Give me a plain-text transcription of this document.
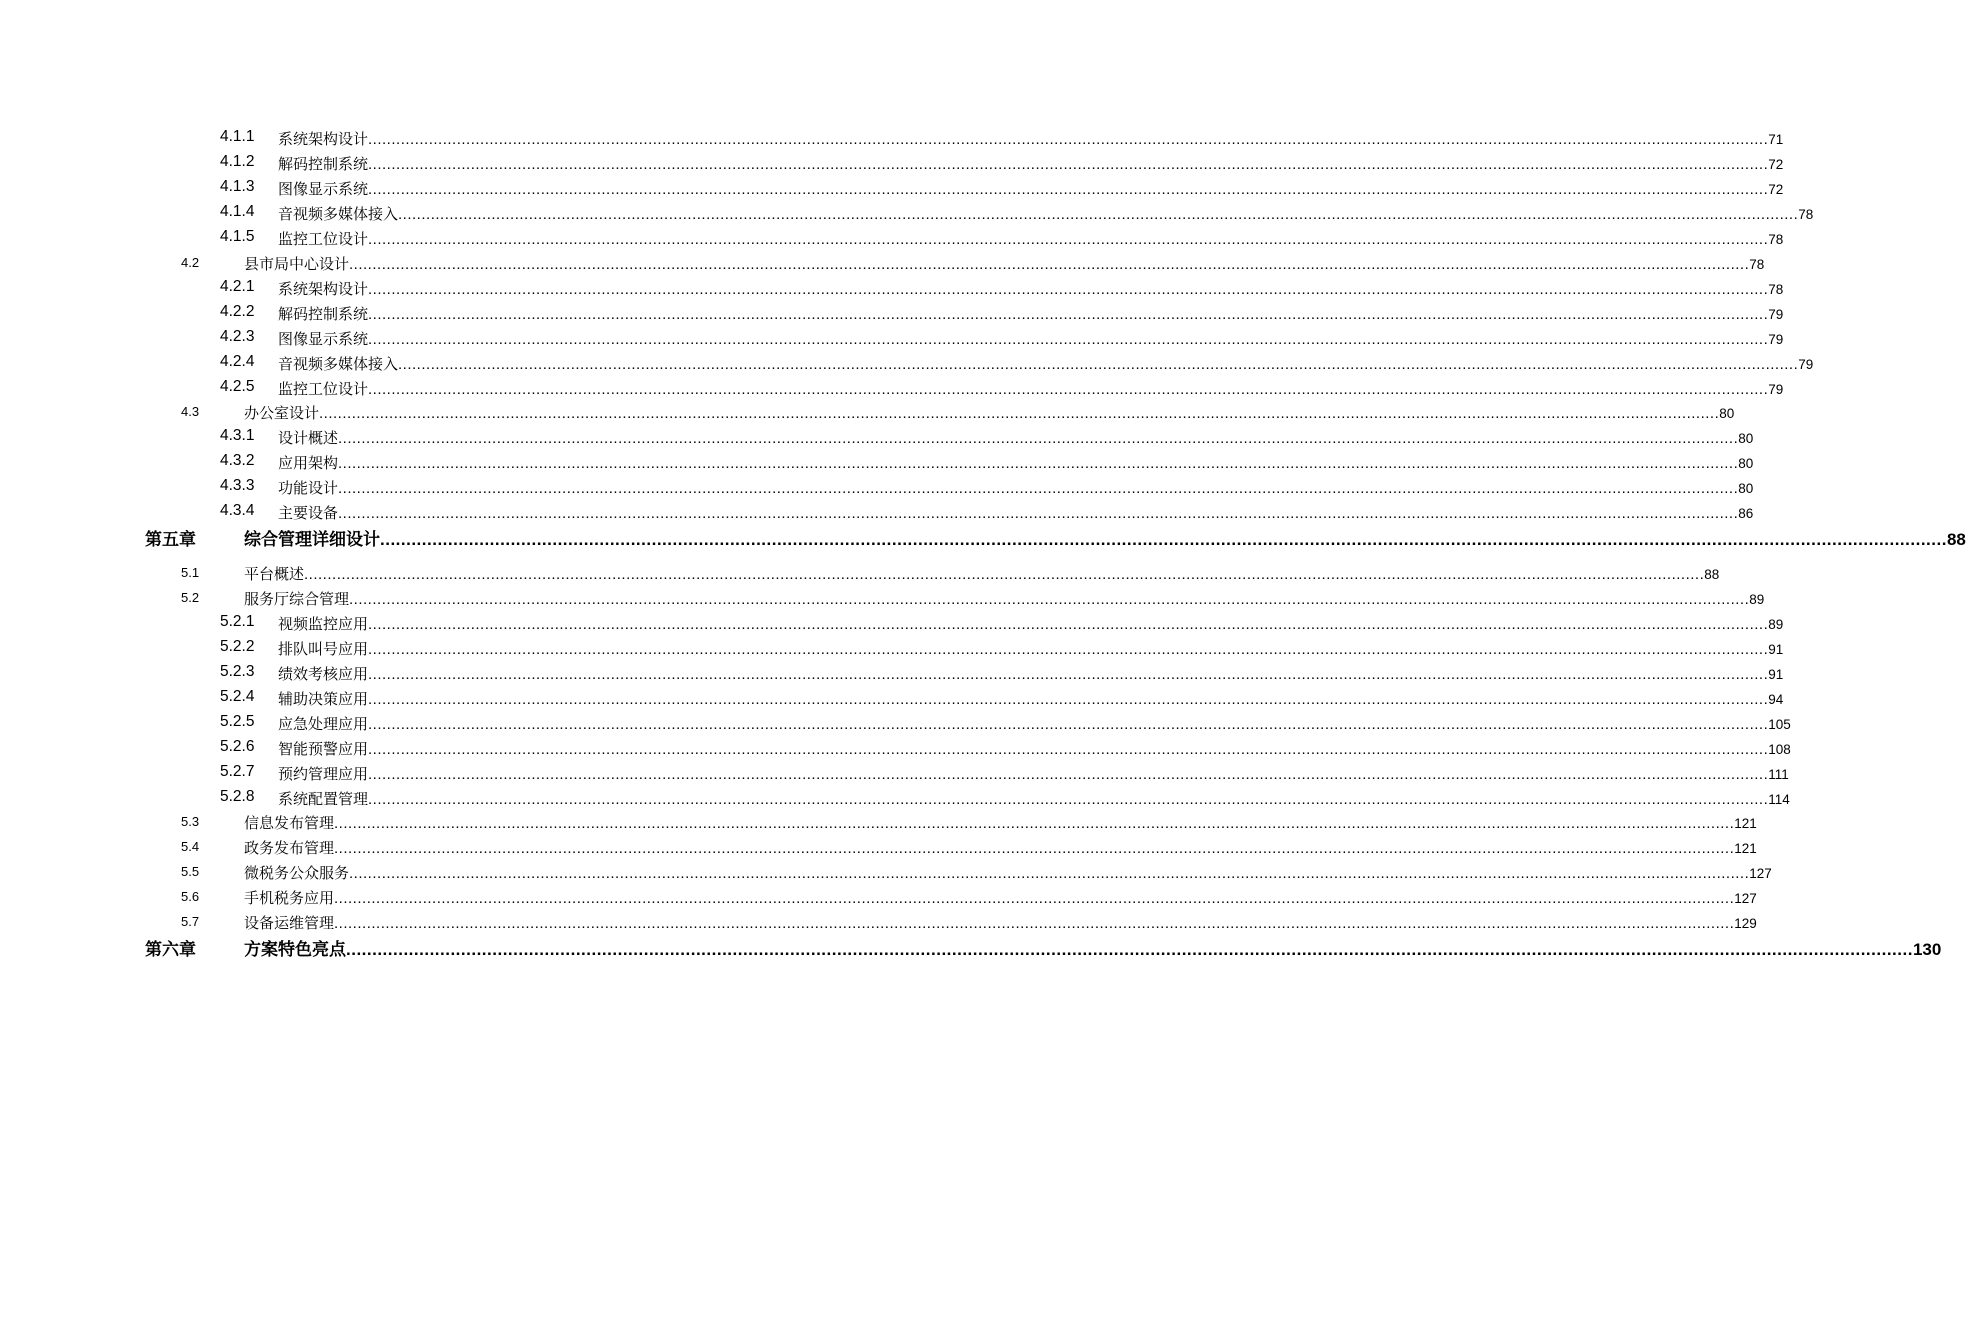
4.1.1 系统架构设计 ............................................................................................................................................................................................................................................................................................................ 71
4.1.2 解码控制系统 ............................................................................................................................................................................................................................................................................................................ 72
4.1.3 图像显示系统 ............................................................................................................................................................................................................................................................................................................ 72
4.1.4 音视频多媒体接入 ............................................................................................................................................................................................................................................................................................................ 78
4.1.5 监控工位设计 ............................................................................................................................................................................................................................................................................................................ 78
4.2	县市局中心设计 ............................................................................................................................................................................................................................................................................................................ 78
4.2.1 系统架构设计 ............................................................................................................................................................................................................................................................................................................ 78
4.2.2 解码控制系统 ............................................................................................................................................................................................................................................................................................................ 79
4.2.3 图像显示系统 ............................................................................................................................................................................................................................................................................................................ 79
4.2.4 音视频多媒体接入 ............................................................................................................................................................................................................................................................................................................ 79
4.2.5 监控工位设计 ............................................................................................................................................................................................................................................................................................................ 79
4.3	办公室设计 ............................................................................................................................................................................................................................................................................................................ 80
4.3.1 设计概述 ............................................................................................................................................................................................................................................................................................................ 80
4.3.2 应用架构 ............................................................................................................................................................................................................................................................................................................ 80
4.3.3 功能设计 ............................................................................................................................................................................................................................................................................................................ 80
4.3.4 主要设备 ............................................................................................................................................................................................................................................................................................................ 86
第五章	综合管理详细设计 ............................................................................................................................................................................................................................................................................................................ 88
5.1	平台概述 ............................................................................................................................................................................................................................................................................................................ 88
5.2	服务厅综合管理 ............................................................................................................................................................................................................................................................................................................ 89
5.2.1 视频监控应用 ............................................................................................................................................................................................................................................................................................................ 89
5.2.2 排队叫号应用 ............................................................................................................................................................................................................................................................................................................ 91
5.2.3 绩效考核应用 ............................................................................................................................................................................................................................................................................................................ 91
5.2.4 辅助决策应用 ............................................................................................................................................................................................................................................................................................................ 94
5.2.5 应急处理应用 ............................................................................................................................................................................................................................................................................................................ 105
5.2.6 智能预警应用 ............................................................................................................................................................................................................................................................................................................ 108
5.2.7 预约管理应用 ............................................................................................................................................................................................................................................................................................................ 111
5.2.8 系统配置管理 ............................................................................................................................................................................................................................................................................................................ 114
5.3	信息发布管理 ............................................................................................................................................................................................................................................................................................................ 121
5.4	政务发布管理 ............................................................................................................................................................................................................................................................................................................ 121
5.5	微税务公众服务 ............................................................................................................................................................................................................................................................................................................ 127
5.6	手机税务应用 ............................................................................................................................................................................................................................................................................................................ 127
5.7	设备运维管理 ............................................................................................................................................................................................................................................................................................................ 129
第六章	方案特色亮点 ............................................................................................................................................................................................................................................................................................................ 130
